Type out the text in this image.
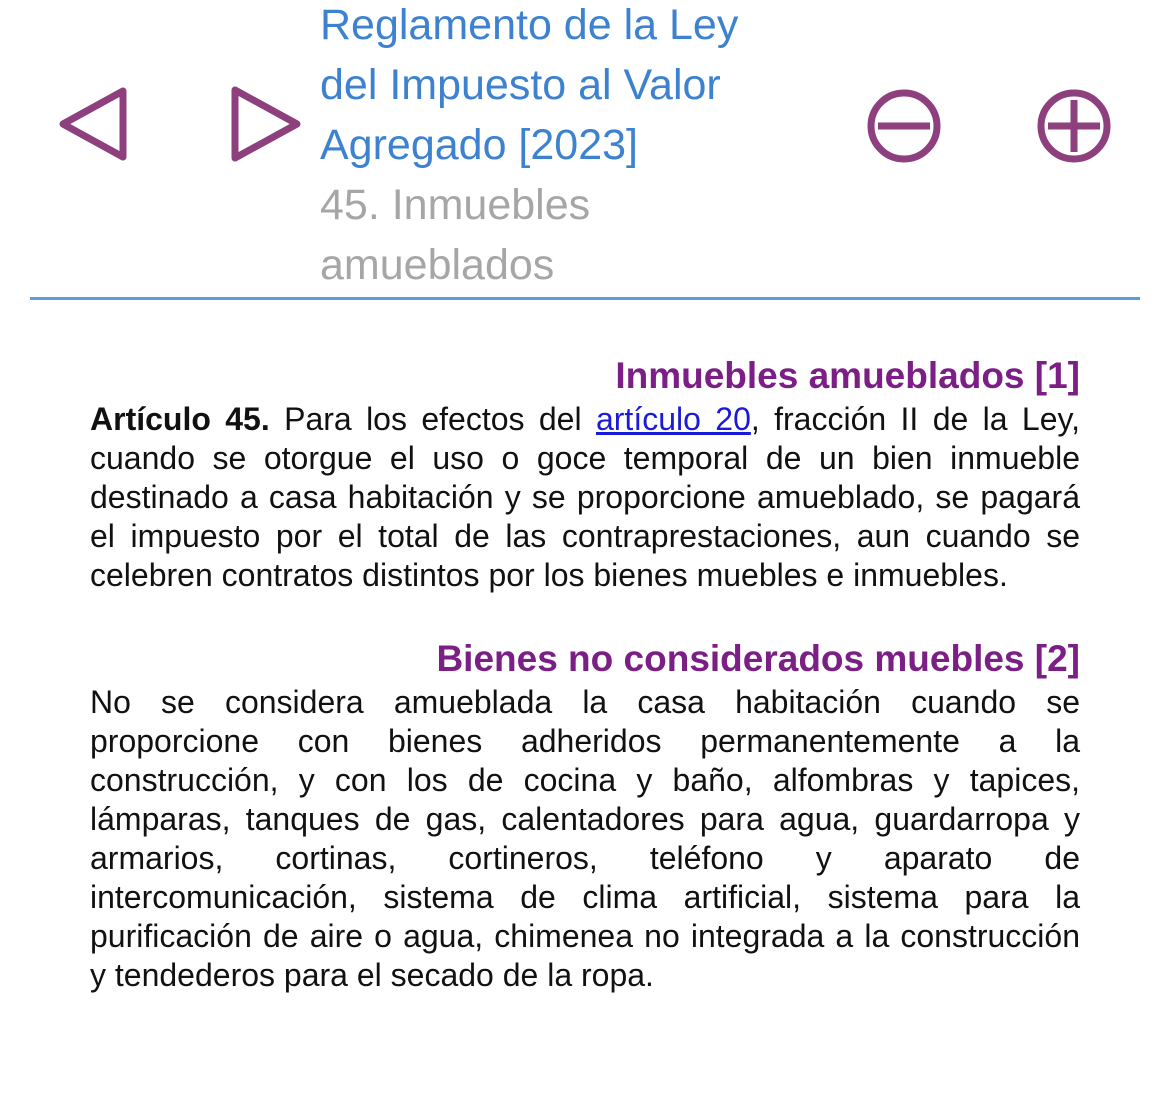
Reglamento de la Ley

del Impuesto al Valor

Agregado [2023]

45. Inmuebles

amueblados

Inmuebles amueblados [1]

Artículo 45. Para los efectos del artículo 20, fracción II de la Ley, cuando se otorgue el uso o goce temporal de un bien inmueble destinado a casa habitación y se proporcione amueblado, se pagará el impuesto por el total de las contraprestaciones, aun cuando se celebren contratos distintos por los bienes muebles e inmuebles.

Bienes no considerados muebles [2]

No se considera amueblada la casa habitación cuando se proporcione con bienes adheridos permanentemente a la construcción, y con los de cocina y baño, alfombras y tapices, lámparas, tanques de gas, calentadores para agua, guardarropa y armarios, cortinas, cortineros, teléfono y aparato de intercomunicación, sistema de clima artificial, sistema para la purificación de aire o agua, chimenea no integrada a la construcción y tendederos para el secado de la ropa.
